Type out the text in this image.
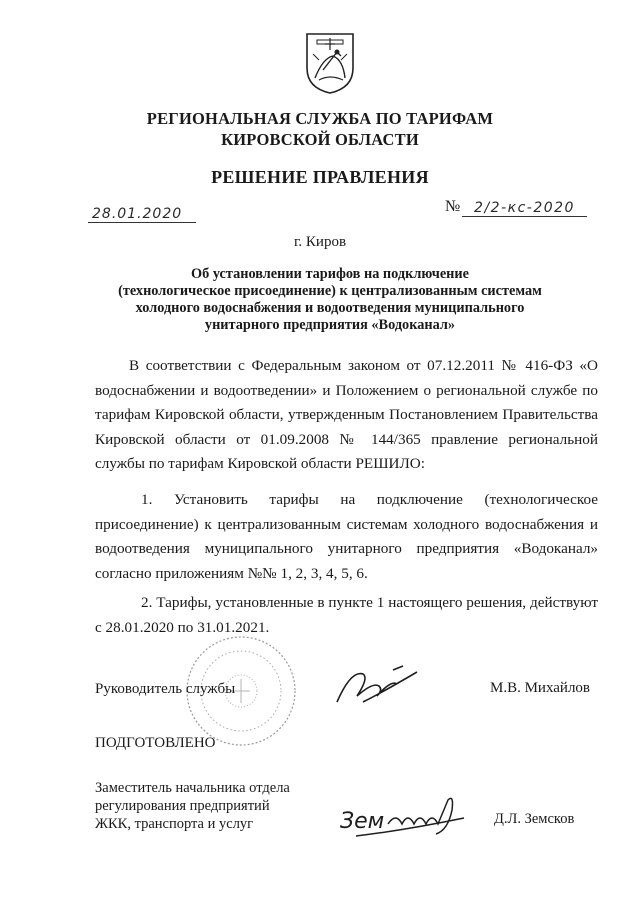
РЕГИОНАЛЬНАЯ СЛУЖБА ПО ТАРИФАМ
КИРОВСКОЙ ОБЛАСТИ
РЕШЕНИЕ ПРАВЛЕНИЯ
28.01.2020	№ 2/2-кс-2020
г. Киров
Об установлении тарифов на подключение
(технологическое присоединение) к централизованным системам
холодного водоснабжения и водоотведения муниципального
унитарного предприятия «Водоканал»
В соответствии с Федеральным законом от 07.12.2011 № 416-ФЗ «О водоснабжении и водоотведении» и Положением о региональной службе по тарифам Кировской области, утвержденным Постановлением Правительства Кировской области от 01.09.2008 № 144/365 правление региональной службы по тарифам Кировской области РЕШИЛО:
1. Установить тарифы на подключение (технологическое присоединение) к централизованным системам холодного водоснабжения и водоотведения муниципального унитарного предприятия «Водоканал» согласно приложениям №№ 1, 2, 3, 4, 5, 6.
2. Тарифы, установленные в пункте 1 настоящего решения, действуют с 28.01.2020 по 31.01.2021.
Руководитель службы	М.В. Михайлов
ПОДГОТОВЛЕНО
Заместитель начальника отдела
регулирования предприятий
ЖКК, транспорта и услуг	Зем	Д.Л. Земсков
